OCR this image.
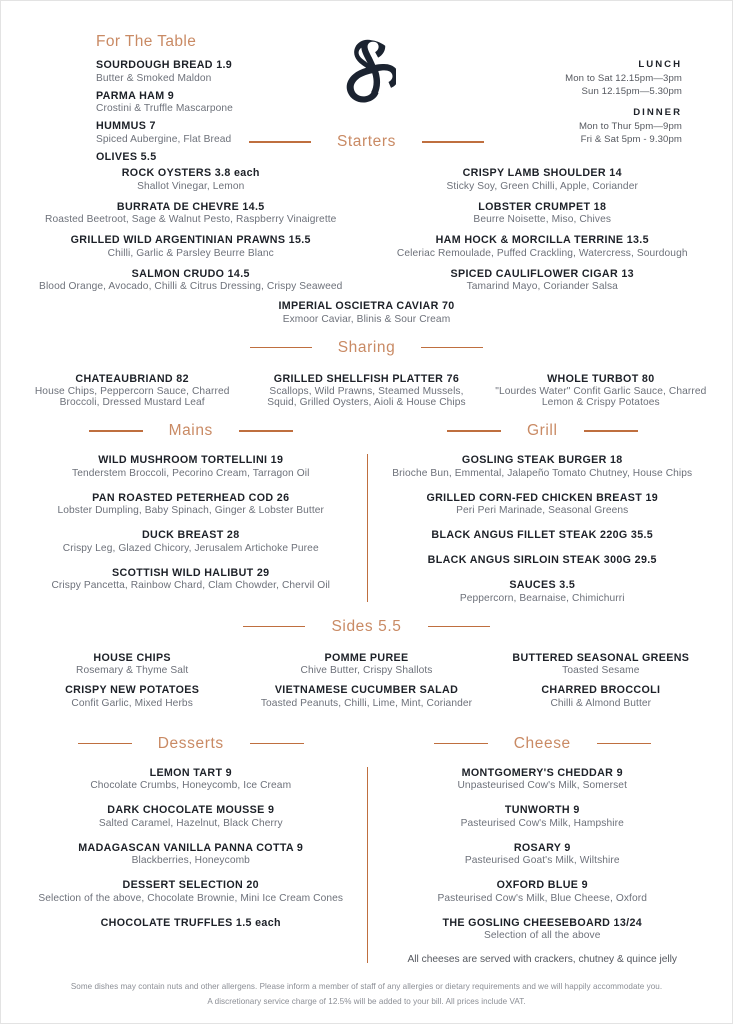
For The Table
SOURDOUGH BREAD 1.9
Butter & Smoked Maldon
PARMA HAM 9
Crostini & Truffle Mascarpone
HUMMUS 7
Spiced Aubergine, Flat Bread
OLIVES 5.5
LUNCH
Mon to Sat 12.15pm—3pm
Sun 12.15pm—5.30pm
DINNER
Mon to Thur 5pm—9pm
Fri & Sat 5pm - 9.30pm
Starters
ROCK OYSTERS 3.8 each
Shallot Vinegar, Lemon
BURRATA DE CHEVRE 14.5
Roasted Beetroot, Sage & Walnut Pesto, Raspberry Vinaigrette
GRILLED WILD ARGENTINIAN PRAWNS 15.5
Chilli, Garlic & Parsley Beurre Blanc
SALMON CRUDO 14.5
Blood Orange, Avocado, Chilli & Citrus Dressing, Crispy Seaweed
CRISPY LAMB SHOULDER 14
Sticky Soy, Green Chilli, Apple, Coriander
LOBSTER CRUMPET 18
Beurre Noisette, Miso, Chives
HAM HOCK & MORCILLA TERRINE 13.5
Celeriac Remoulade, Puffed Crackling, Watercress, Sourdough
SPICED CAULIFLOWER CIGAR 13
Tamarind Mayo, Coriander Salsa
IMPERIAL OSCIETRA CAVIAR 70
Exmoor Caviar, Blinis & Sour Cream
Sharing
CHATEAUBRIAND 82
House Chips, Peppercorn Sauce, Charred Broccoli, Dressed Mustard Leaf
GRILLED SHELLFISH PLATTER 76
Scallops, Wild Prawns, Steamed Mussels, Squid, Grilled Oysters, Aioli & House Chips
WHOLE TURBOT 80
"Lourdes Water" Confit Garlic Sauce, Charred Lemon & Crispy Potatoes
Mains	Grill
WILD MUSHROOM TORTELLINI 19
Tenderstem Broccoli, Pecorino Cream, Tarragon Oil
PAN ROASTED PETERHEAD COD 26
Lobster Dumpling, Baby Spinach, Ginger & Lobster Butter
DUCK BREAST 28
Crispy Leg, Glazed Chicory, Jerusalem Artichoke Puree
SCOTTISH WILD HALIBUT 29
Crispy Pancetta, Rainbow Chard, Clam Chowder, Chervil Oil
GOSLING STEAK BURGER 18
Brioche Bun, Emmental, Jalapeño Tomato Chutney, House Chips
GRILLED CORN-FED CHICKEN BREAST 19
Peri Peri Marinade, Seasonal Greens
BLACK ANGUS FILLET STEAK 220G 35.5
BLACK ANGUS SIRLOIN STEAK 300G 29.5
SAUCES 3.5
Peppercorn, Bearnaise, Chimichurri
Sides 5.5
HOUSE CHIPS
Rosemary & Thyme Salt
CRISPY NEW POTATOES
Confit Garlic, Mixed Herbs
POMME PUREE
Chive Butter, Crispy Shallots
VIETNAMESE CUCUMBER SALAD
Toasted Peanuts, Chilli, Lime, Mint, Coriander
BUTTERED SEASONAL GREENS
Toasted Sesame
CHARRED BROCCOLI
Chilli & Almond Butter
Desserts	Cheese
LEMON TART 9
Chocolate Crumbs, Honeycomb, Ice Cream
DARK CHOCOLATE MOUSSE 9
Salted Caramel, Hazelnut, Black Cherry
MADAGASCAN VANILLA PANNA COTTA 9
Blackberries, Honeycomb
DESSERT SELECTION 20
Selection of the above, Chocolate Brownie, Mini Ice Cream Cones
CHOCOLATE TRUFFLES 1.5 each
MONTGOMERY'S CHEDDAR 9
Unpasteurised Cow's Milk, Somerset
TUNWORTH 9
Pasteurised Cow's Milk, Hampshire
ROSARY 9
Pasteurised Goat's Milk, Wiltshire
OXFORD BLUE 9
Pasteurised Cow's Milk, Blue Cheese, Oxford
THE GOSLING CHEESEBOARD 13/24
Selection of all the above
All cheeses are served with crackers, chutney & quince jelly
Some dishes may contain nuts and other allergens. Please inform a member of staff of any allergies or dietary requirements and we will happily accommodate you.
A discretionary service charge of 12.5% will be added to your bill. All prices include VAT.
